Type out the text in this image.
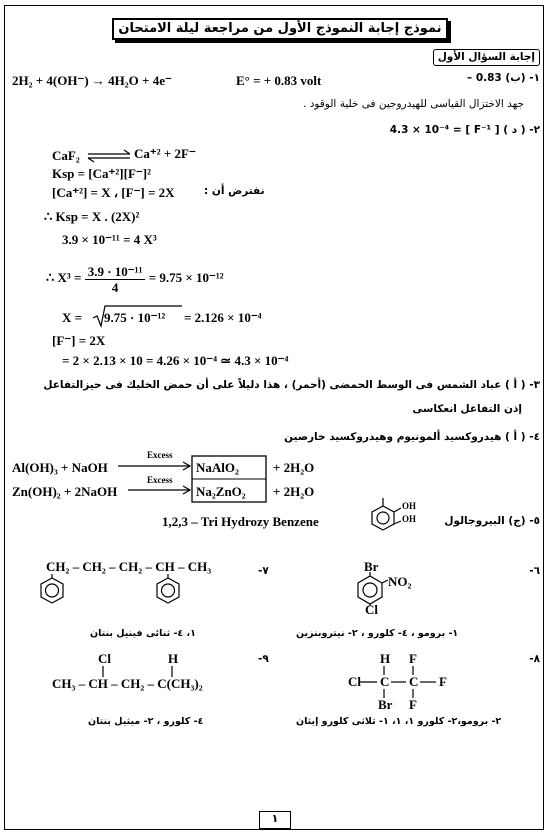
نموذج إجابة النموذج الأول من مراجعة ليلة الامتحان
إجابة السؤال الأول
١- (ب) 0.83 –
2H₂ + 4(OH⁻) → 4H₂O + 4e⁻	E° = + 0.83 volt
جهد الاختزال القياسى للهيدروجين فى خلية الوقود .
٢- ( د ) [ F⁻¹ ] = 4.3 × 10⁻⁴
CaF₂	Ca⁺² + 2F⁻
Ksp = [Ca⁺²][F⁻]²
[Ca⁺²] = X ، [F⁻] = 2X	نفترض أن :
∴ Ksp = X . (2X)²
3.9 × 10⁻¹¹ = 4 X³
∴ $X^3 = \frac{\text{3.9 · 10⁻¹¹}}{4} = 9.75 \times 10^{-12}$
X = 9.75 · 10⁻¹² = 2.126 × 10⁻⁴
[F⁻] = 2X
= 2 × 2.13 × 10 = 4.26 × 10⁻⁴ ≃ 4.3 × 10⁻⁴
٣- ( أ ) عباد الشمس فى الوسط الحمضى (أحمر) ، هذا دليلاً على أن حمض الخليك فى حيزالتفاعل
إذن التفاعل انعكاسى
٤- ( أ ) هيدروكسيد ألمونيوم وهيدروكسيد خارصين
Al(OH)₃ + NaOH
Zn(OH)₂ + 2NaOH
Excess
Excess
NaAlO₂
Na₂ZnO₂
+ 2H₂O
+ 2H₂O
٥- (ج) البيروجالول
1,2,3 – Tri Hydrozy Benzene
OH
OH
٦-
Br
NO₂
Cl
١- برومو ، ٤- كلورو ، ٢- نيتروبنزين
٧-
CH₂ – CH₂ – CH₂ – CH – CH₃
١، ٤- ثنائى فينيل بنتان
٨-
H F
Cl C C F
Br F
٢- برومو،٢- كلورو ١، ١، ١- ثلاثى كلورو إيثان
٩-
Cl	H
CH₃ – CH – CH₂ – C(CH₃)₂
٤- كلورو ، ٢- ميثيل بنتان
١
